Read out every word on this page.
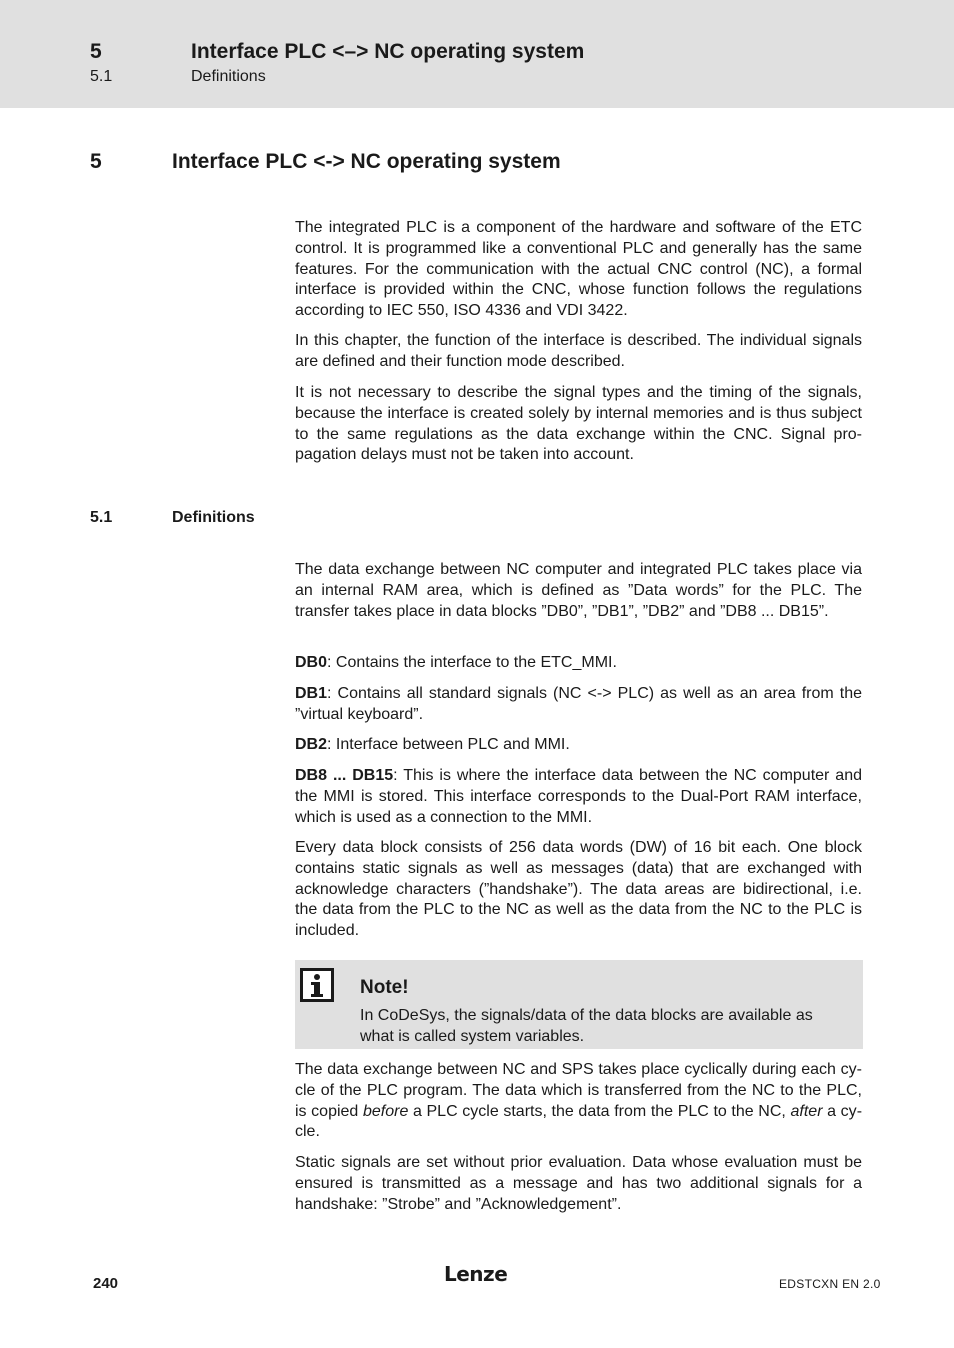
5	Interface PLC <–> NC operating system
5.1	Definitions
5	Interface PLC <-> NC operating system

The integrated PLC is a component of the hardware and software of the ETC control. It is programmed like a conventional PLC and generally has the same features. For the communication with the actual CNC control (NC), a formal interface is provided within the CNC, whose function follows the regulations according to IEC 550, ISO 4336 and VDI 3422.

In this chapter, the function of the interface is described. The individual signals are defined and their function mode described.

It is not necessary to describe the signal types and the timing of the signals, because the interface is created solely by internal memories and is thus subject to the same regulations as the data exchange within the CNC. Signal propagation delays must not be taken into account.

5.1	Definitions

The data exchange between NC computer and integrated PLC takes place via an internal RAM area, which is defined as ”Data words” for the PLC. The transfer takes place in data blocks ”DB0”, ”DB1”, ”DB2” and ”DB8 ... DB15”.

DB0: Contains the interface to the ETC_MMI.

DB1: Contains all standard signals (NC <-> PLC) as well as an area from the ”virtual keyboard”.

DB2: Interface between PLC and MMI.

DB8 ... DB15: This is where the interface data between the NC computer and the MMI is stored. This interface corresponds to the Dual-Port RAM interface, which is used as a connection to the MMI.

Every data block consists of 256 data words (DW) of 16 bit each. One block contains static signals as well as messages (data) that are exchanged with acknowledge characters (”handshake”). The data areas are bidirectional, i.e. the data from the PLC to the NC as well as the data from the NC to the PLC is included.

Note!

In CoDeSys, the signals/data of the data blocks are available as what is called system variables.

The data exchange between NC and SPS takes place cyclically during each cycle of the PLC program. The data which is transferred from the NC to the PLC, is copied before a PLC cycle starts, the data from the PLC to the NC, after a cycle.

Static signals are set without prior evaluation. Data whose evaluation must be ensured is transmitted as a message and has two additional signals for a handshake: ”Strobe” and ”Acknowledgement”.

240	Lenze	EDSTCXN EN 2.0
